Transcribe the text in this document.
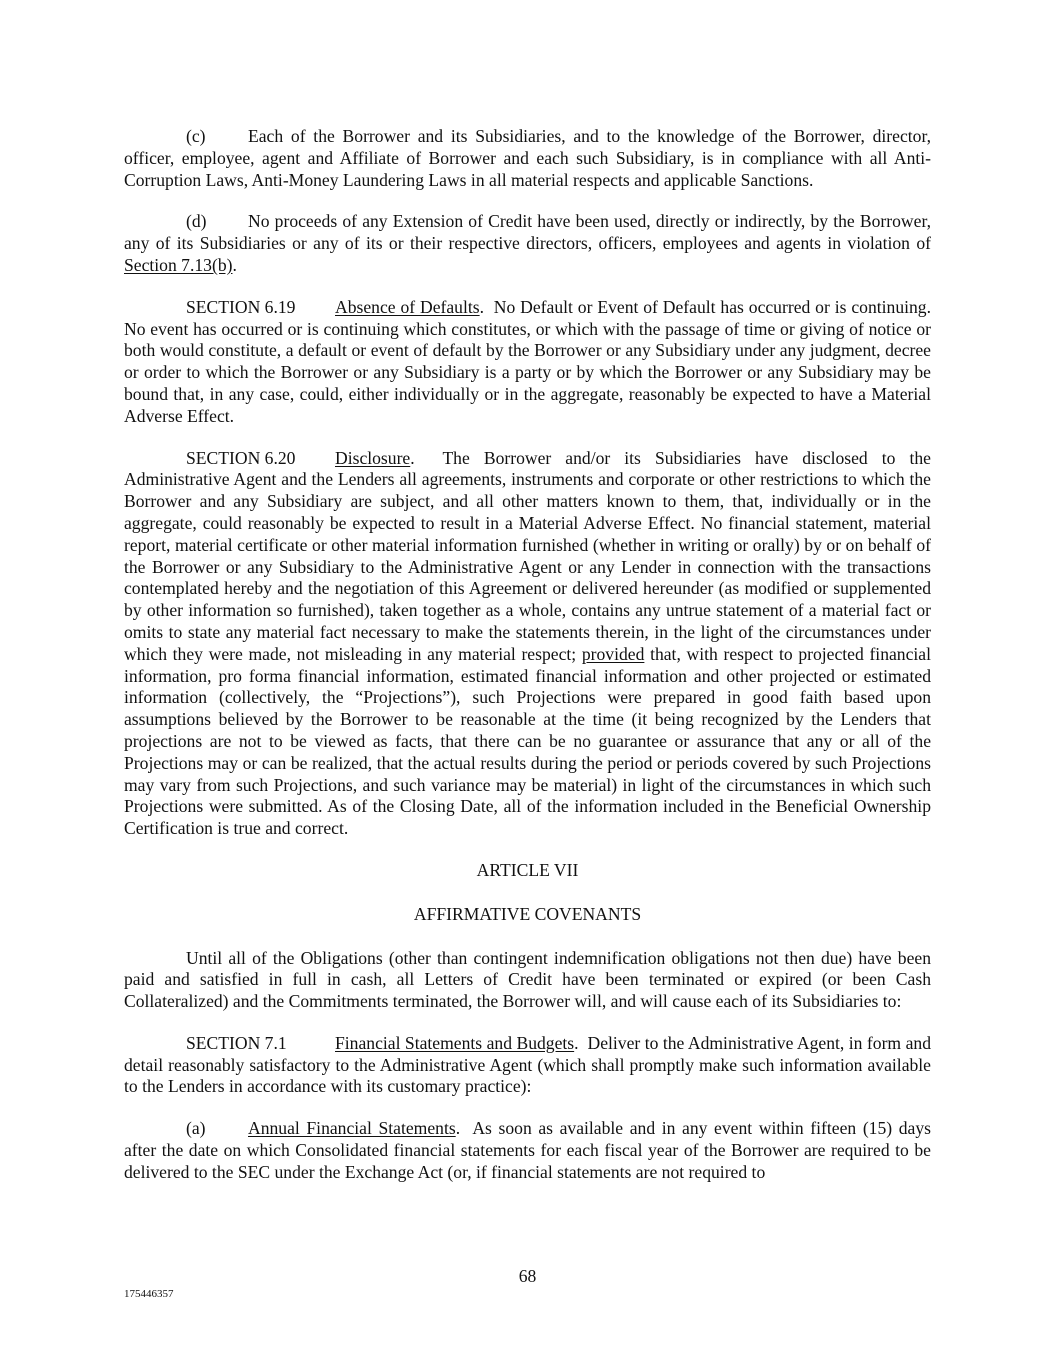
(c) Each of the Borrower and its Subsidiaries, and to the knowledge of the Borrower, director, officer, employee, agent and Affiliate of Borrower and each such Subsidiary, is in compliance with all Anti-Corruption Laws, Anti-Money Laundering Laws in all material respects and applicable Sanctions.

(d) No proceeds of any Extension of Credit have been used, directly or indirectly, by the Borrower, any of its Subsidiaries or any of its or their respective directors, officers, employees and agents in violation of Section 7.13(b).

SECTION 6.19 Absence of Defaults. No Default or Event of Default has occurred or is continuing. No event has occurred or is continuing which constitutes, or which with the passage of time or giving of notice or both would constitute, a default or event of default by the Borrower or any Subsidiary under any judgment, decree or order to which the Borrower or any Subsidiary is a party or by which the Borrower or any Subsidiary may be bound that, in any case, could, either individually or in the aggregate, reasonably be expected to have a Material Adverse Effect.

SECTION 6.20 Disclosure. The Borrower and/or its Subsidiaries have disclosed to the Administrative Agent and the Lenders all agreements, instruments and corporate or other restrictions to which the Borrower and any Subsidiary are subject, and all other matters known to them, that, individually or in the aggregate, could reasonably be expected to result in a Material Adverse Effect. No financial statement, material report, material certificate or other material information furnished (whether in writing or orally) by or on behalf of the Borrower or any Subsidiary to the Administrative Agent or any Lender in connection with the transactions contemplated hereby and the negotiation of this Agreement or delivered hereunder (as modified or supplemented by other information so furnished), taken together as a whole, contains any untrue statement of a material fact or omits to state any material fact necessary to make the statements therein, in the light of the circumstances under which they were made, not misleading in any material respect; provided that, with respect to projected financial information, pro forma financial information, estimated financial information and other projected or estimated information (collectively, the “Projections”), such Projections were prepared in good faith based upon assumptions believed by the Borrower to be reasonable at the time (it being recognized by the Lenders that projections are not to be viewed as facts, that there can be no guarantee or assurance that any or all of the Projections may or can be realized, that the actual results during the period or periods covered by such Projections may vary from such Projections, and such variance may be material) in light of the circumstances in which such Projections were submitted. As of the Closing Date, all of the information included in the Beneficial Ownership Certification is true and correct.

ARTICLE VII

AFFIRMATIVE COVENANTS

Until all of the Obligations (other than contingent indemnification obligations not then due) have been paid and satisfied in full in cash, all Letters of Credit have been terminated or expired (or been Cash Collateralized) and the Commitments terminated, the Borrower will, and will cause each of its Subsidiaries to:

SECTION 7.1	Financial Statements and Budgets. Deliver to the Administrative Agent, in form and detail reasonably satisfactory to the Administrative Agent (which shall promptly make such information available to the Lenders in accordance with its customary practice):

(a) Annual Financial Statements. As soon as available and in any event within fifteen (15) days after the date on which Consolidated financial statements for each fiscal year of the Borrower are required to be delivered to the SEC under the Exchange Act (or, if financial statements are not required to

68
175446357
